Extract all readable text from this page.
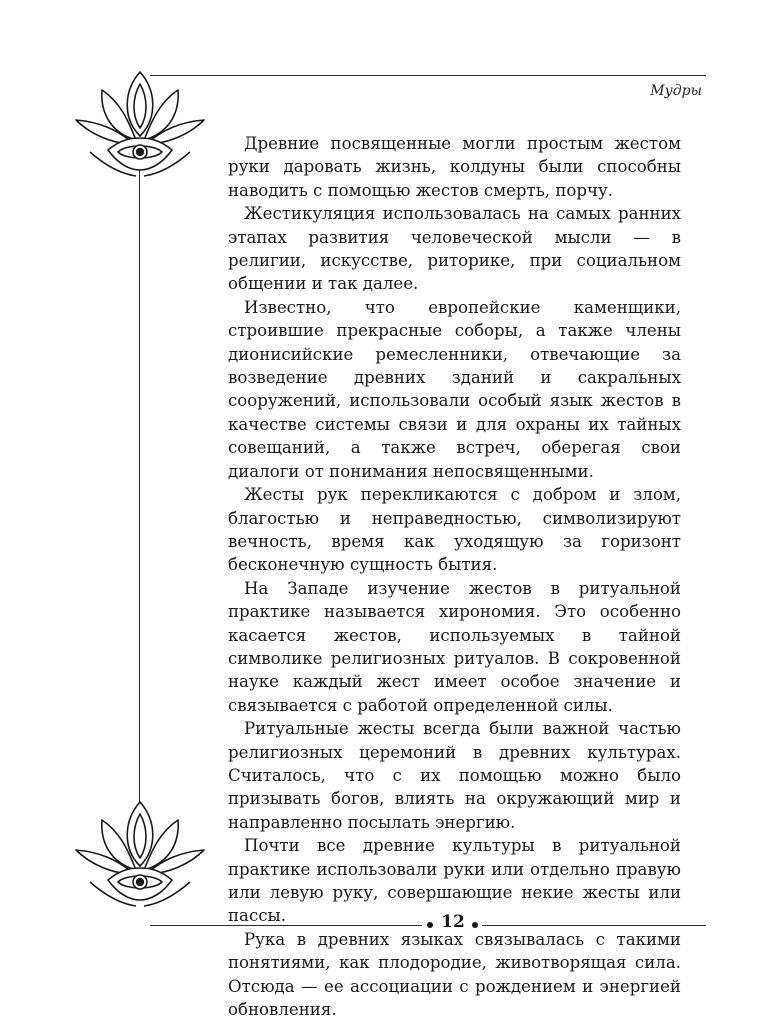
Мудры

Древние посвященные могли простым жестом руки даровать жизнь, колдуны были способны наводить с помощью жестов смерть, порчу.

Жестикуляция использовалась на самых ранних этапах развития человеческой мысли — в религии, искусстве, риторике, при социальном общении и так далее.

Известно, что европейские каменщики, строившие прекрасные соборы, а также члены дионисийские ремесленники, отвечающие за возведение древних зданий и сакральных сооружений, использовали особый язык жестов в качестве системы связи и для охраны их тайных совещаний, а также встреч, оберегая свои диалоги от понимания непосвященными.

Жесты рук перекликаются с добром и злом, благостью и неправедностью, символизируют вечность, время как уходящую за горизонт бесконечную сущность бытия.

На Западе изучение жестов в ритуальной практике называется хирономия. Это особенно касается жестов, используемых в тайной символике религиозных ритуалов. В сокровенной науке каждый жест имеет особое значение и связывается с работой определенной силы.

Ритуальные жесты всегда были важной частью религиозных церемоний в древних культурах. Считалось, что с их помощью можно было призывать богов, влиять на окружающий мир и направленно посылать энергию.

Почти все древние культуры в ритуальной практике использовали руки или отдельно правую или левую руку, совершающие некие жесты или пассы.

Рука в древних языках связывалась с такими понятиями, как плодородие, животворящая сила. Отсюда — ее ассоциации с рождением и энергией обновления.

12
